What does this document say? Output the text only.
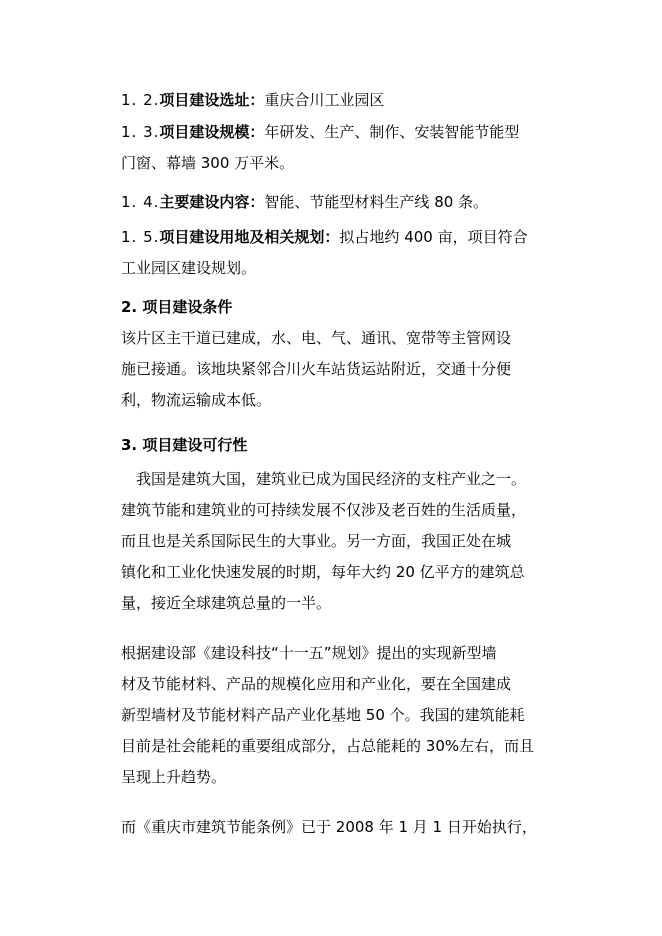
1. 2.项目建设选址：重庆合川工业园区
1. 3.项目建设规模：年研发、生产、制作、安装智能节能型
门窗、幕墙 300 万平米。
1. 4.主要建设内容：智能、节能型材料生产线 80 条。
1. 5.项目建设用地及相关规划：拟占地约 400 亩，项目符合
工业园区建设规划。
2. 项目建设条件
该片区主干道已建成，水、电、气、通讯、宽带等主管网设
施已接通。该地块紧邻合川火车站货运站附近，交通十分便
利，物流运输成本低。
3. 项目建设可行性
　我国是建筑大国，建筑业已成为国民经济的支柱产业之一。
建筑节能和建筑业的可持续发展不仅涉及老百姓的生活质量，
而且也是关系国际民生的大事业。另一方面，我国正处在城
镇化和工业化快速发展的时期，每年大约 20 亿平方的建筑总
量，接近全球建筑总量的一半。
根据建设部《建设科技“十一五”规划》提出的实现新型墙
材及节能材料、产品的规模化应用和产业化，要在全国建成
新型墙材及节能材料产品产业化基地 50 个。我国的建筑能耗
目前是社会能耗的重要组成部分，占总能耗的 30%左右，而且
呈现上升趋势。
而《重庆市建筑节能条例》已于 2008 年 1 月 1 日开始执行，
